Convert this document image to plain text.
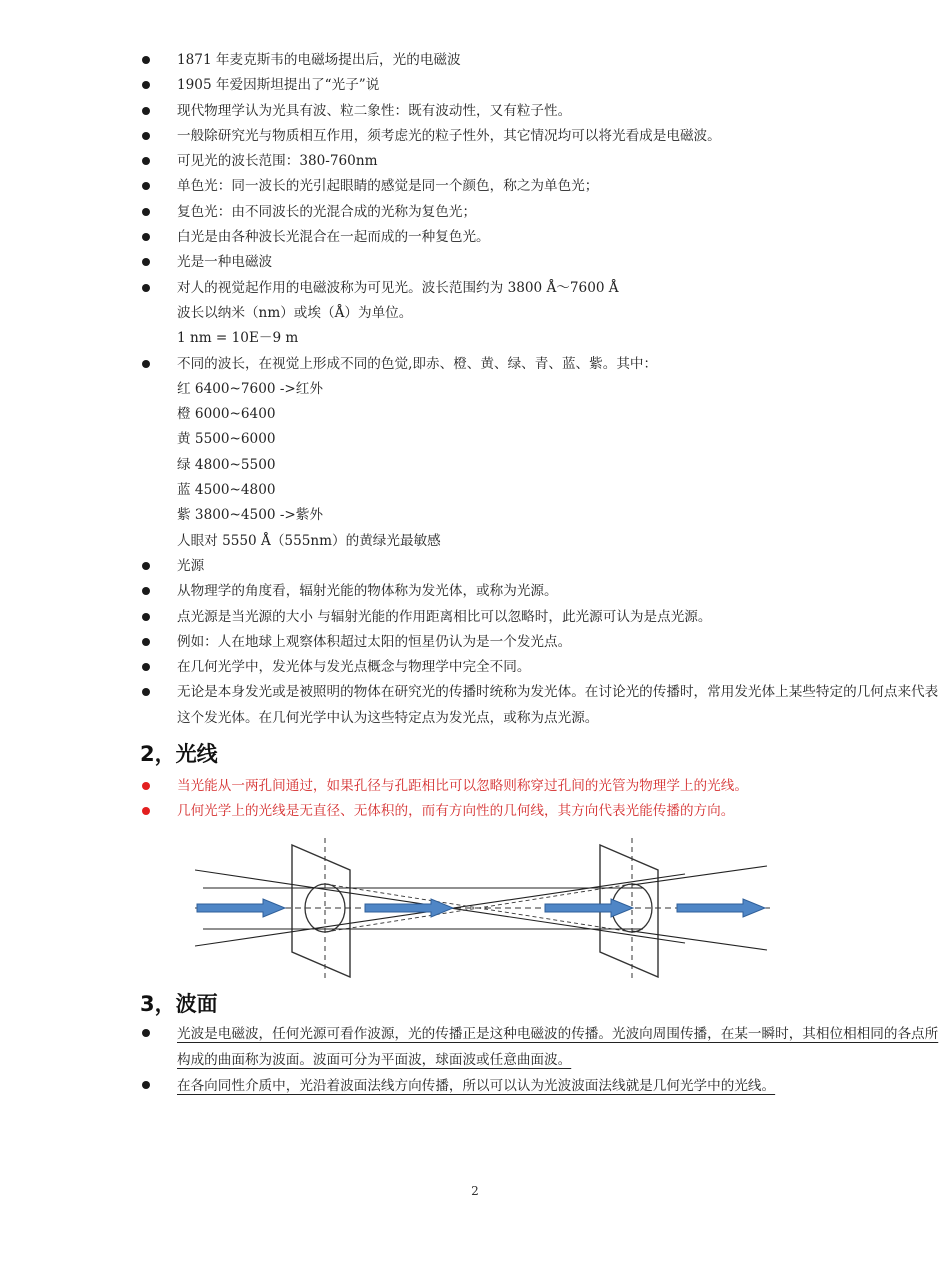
1871 年麦克斯韦的电磁场提出后，光的电磁波
1905 年爱因斯坦提出了“光子”说
现代物理学认为光具有波、粒二象性：既有波动性，又有粒子性。
一般除研究光与物质相互作用，须考虑光的粒子性外，其它情况均可以将光看成是电磁波。
可见光的波长范围：380-760nm
单色光：同一波长的光引起眼睛的感觉是同一个颜色，称之为单色光；
复色光：由不同波长的光混合成的光称为复色光；
白光是由各种波长光混合在一起而成的一种复色光。
光是一种电磁波
对人的视觉起作用的电磁波称为可见光。波长范围约为 3800 Å～7600 Å
波长以纳米（nm）或埃（Å）为单位。
1 nm = 10E－9 m
不同的波长，在视觉上形成不同的色觉,即赤、橙、黄、绿、青、蓝、紫。其中：
红 6400~7600 ->红外
橙 6000~6400
黄 5500~6000
绿 4800~5500
蓝 4500~4800
紫 3800~4500 ->紫外
人眼对 5550 Å（555nm）的黄绿光最敏感
光源
从物理学的角度看，辐射光能的物体称为发光体，或称为光源。
点光源是当光源的大小 与辐射光能的作用距离相比可以忽略时，此光源可认为是点光源。
例如：人在地球上观察体积超过太阳的恒星仍认为是一个发光点。
在几何光学中，发光体与发光点概念与物理学中完全不同。
无论是本身发光或是被照明的物体在研究光的传播时统称为发光体。在讨论光的传播时，常用发光体上某些特定的几何点来代表这个发光体。在几何光学中认为这些特定点为发光点，或称为点光源。
2，光线
当光能从一两孔间通过，如果孔径与孔距相比可以忽略则称穿过孔间的光管为物理学上的光线。
几何光学上的光线是无直径、无体积的，而有方向性的几何线，其方向代表光能传播的方向。
3，波面
光波是电磁波，任何光源可看作波源，光的传播正是这种电磁波的传播。光波向周围传播，在某一瞬时，其相位相相同的各点所构成的曲面称为波面。波面可分为平面波，球面波或任意曲面波。
在各向同性介质中，光沿着波面法线方向传播，所以可以认为光波波面法线就是几何光学中的光线。
2
